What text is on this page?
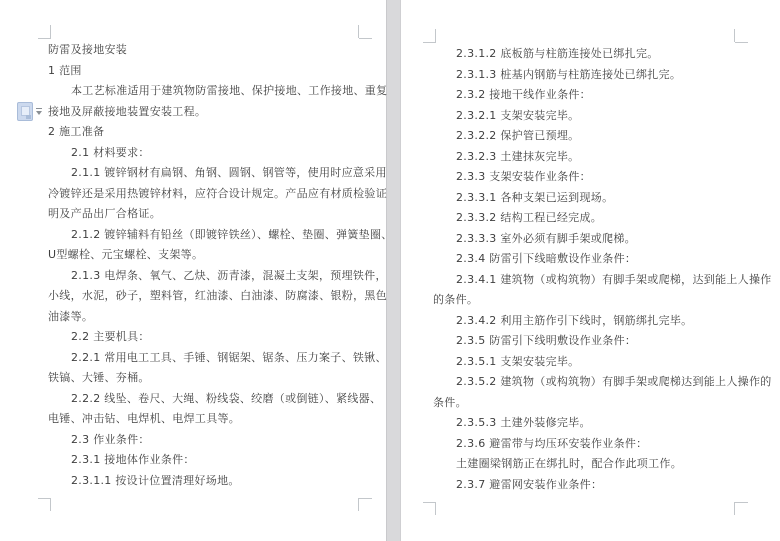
防雷及接地安装
1 范围
本工艺标准适用于建筑物防雷接地、保护接地、工作接地、重复
接地及屏蔽接地装置安装工程。
2 施工准备
2.1 材料要求：
2.1.1 镀锌钢材有扁钢、角钢、圆钢、钢管等，使用时应意采用
冷镀锌还是采用热镀锌材料，应符合设计规定。产品应有材质检验证
明及产品出厂合格证。
2.1.2 镀锌辅料有铅丝（即镀锌铁丝）、螺栓、垫圈、弹簧垫圈、
U型螺栓、元宝螺栓、支架等。
2.1.3 电焊条、氧气、乙炔、沥青漆，混凝土支架，预埋铁件，
小线，水泥，砂子，塑料管，红油漆、白油漆、防腐漆、银粉，黑色
油漆等。
2.2 主要机具：
2.2.1 常用电工工具、手锤、钢锯架、锯条、压力案子、铁锹、
铁镐、大锤、夯桶。
2.2.2 线坠、卷尺、大绳、粉线袋、绞磨（或倒链）、紧线器、
电锤、冲击钻、电焊机、电焊工具等。
2.3 作业条件：
2.3.1 接地体作业条件：
2.3.1.1 按设计位置清理好场地。
2.3.1.2 底板筋与柱筋连接处已绑扎完。
2.3.1.3 桩基内钢筋与柱筋连接处已绑扎完。
2.3.2 接地干线作业条件：
2.3.2.1 支架安装完毕。
2.3.2.2 保护管已预埋。
2.3.2.3 土建抹灰完毕。
2.3.3 支架安装作业条件：
2.3.3.1 各种支架已运到现场。
2.3.3.2 结构工程已经完成。
2.3.3.3 室外必须有脚手架或爬梯。
2.3.4 防雷引下线暗敷设作业条件：
2.3.4.1 建筑物（或构筑物）有脚手架或爬梯，达到能上人操作
的条件。
2.3.4.2 利用主筋作引下线时，钢筋绑扎完毕。
2.3.5 防雷引下线明敷设作业条件：
2.3.5.1 支架安装完毕。
2.3.5.2 建筑物（或构筑物）有脚手架或爬梯达到能上人操作的
条件。
2.3.5.3 土建外装修完毕。
2.3.6 避雷带与均压环安装作业条件：
土建圈梁钢筋正在绑扎时，配合作此项工作。
2.3.7 避雷网安装作业条件：
